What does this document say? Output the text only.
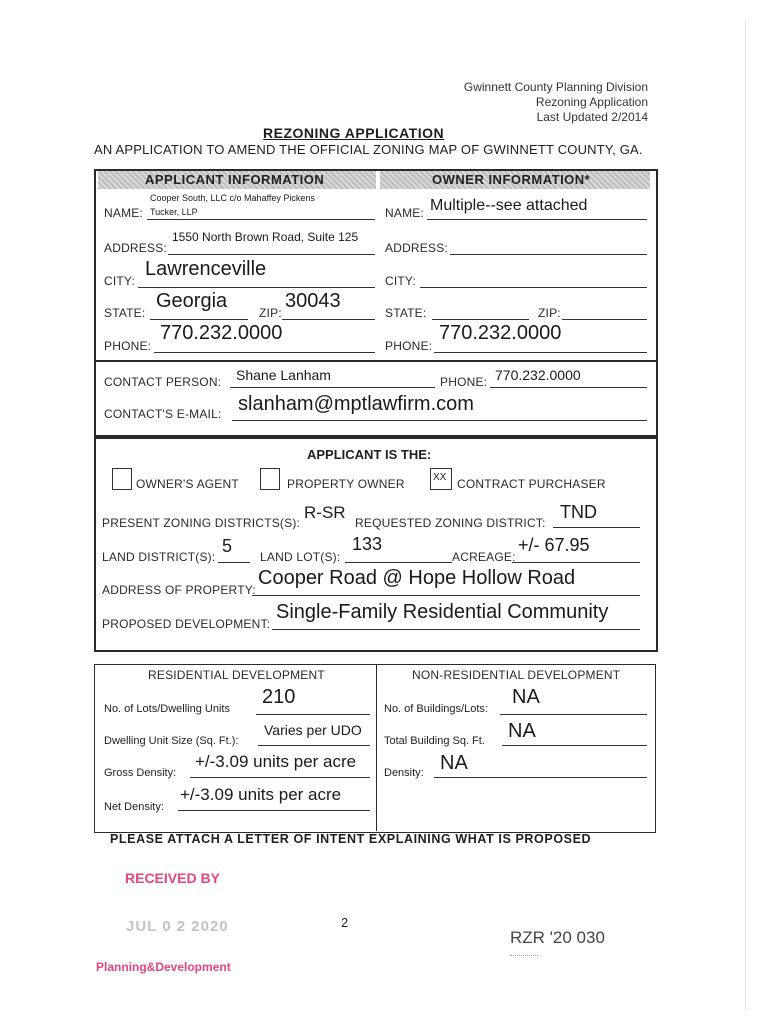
Gwinnett County Planning Division
Rezoning Application
Last Updated 2/2014
REZONING APPLICATION
AN APPLICATION TO AMEND THE OFFICIAL ZONING MAP OF GWINNETT COUNTY, GA.
APPLICANT INFORMATION	OWNER INFORMATION*
NAME:
Cooper South, LLC c/o Mahaffey Pickens
Tucker, LLP
ADDRESS:
1550 North Brown Road, Suite 125
CITY:
Lawrenceville
STATE:
Georgia
ZIP:
30043
PHONE:
770.232.0000
NAME: Multiple--see attached
ADDRESS:
CITY:
STATE:	ZIP:
PHONE:
770.232.0000
CONTACT PERSON: Shane Lanham	PHONE: 770.232.0000
CONTACT'S E-MAIL: slanham@mptlawfirm.com
APPLICANT IS THE:
OWNER'S AGENT	PROPERTY OWNER	XX CONTRACT PURCHASER
PRESENT ZONING DISTRICTS(S):
R-SR
REQUESTED ZONING DISTRICT:
TND
LAND DISTRICT(S):
5
LAND LOT(S):
133
ACREAGE:
+/- 67.95
ADDRESS OF PROPERTY:
Cooper Road @ Hope Hollow Road
PROPOSED DEVELOPMENT:
Single-Family Residential Community
RESIDENTIAL DEVELOPMENT	NON-RESIDENTIAL DEVELOPMENT
No. of Lots/Dwelling Units
210
Dwelling Unit Size (Sq. Ft.):
Varies per UDO
Gross Density:
+/-3.09 units per acre
Net Density:
+/-3.09 units per acre
No. of Buildings/Lots:
NA
Total Building Sq. Ft. NA
Density: NA
PLEASE ATTACH A LETTER OF INTENT EXPLAINING WHAT IS PROPOSED
RECEIVED BY
JUL 0 2 2020
Planning&Development
2
RZR '20 030
